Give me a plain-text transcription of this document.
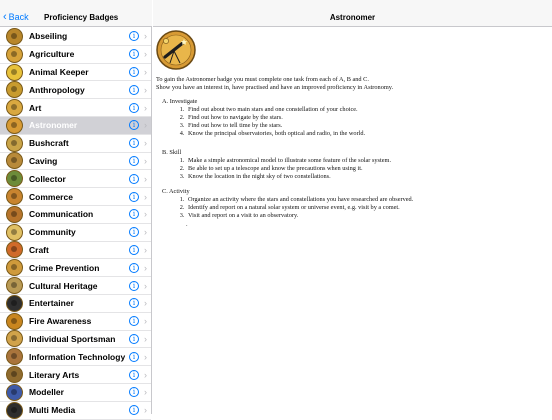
‹ Back	Proficiency Badges
Abseiling	i ›
Agriculture	i ›
Animal Keeper	i ›
Anthropology	i ›
Art	i ›
Astronomer	i ›
Bushcraft	i ›
Caving	i ›
Collector	i ›
Commerce	i ›
Communication	i ›
Community	i ›
Craft	i ›
Crime Prevention	i ›
Cultural Heritage	i ›
Entertainer	i ›
Fire Awareness	i ›
Individual Sportsman	i ›
Information Technology	i ›
Literary Arts	i ›
Modeller	i ›
Multi Media	i ›
Astronomer
To gain the Astronomer badge you must complete one task from each of A, B and C.
Show you have an interest in, have practised and have an improved proficiency in Astronomy.
A. Investigate
1. Find out about two main stars and one constellation of your choice.
2. Find out how to navigate by the stars.
3. Find out how to tell time by the stars.
4. Know the principal observatories, both optical and radio, in the world.
B. Skill
1. Make a simple astronomical model to illustrate some feature of the solar system.
2. Be able to set up a telescope and know the precautions when using it.
3. Know the location in the night sky of two constellations.
C. Activity
1. Organize an activity where the stars and constellations you have researched are observed.
2. Identify and report on a natural solar system or universe event, e.g. visit by a comet.
3. Visit and report on a visit to an observatory.
.
